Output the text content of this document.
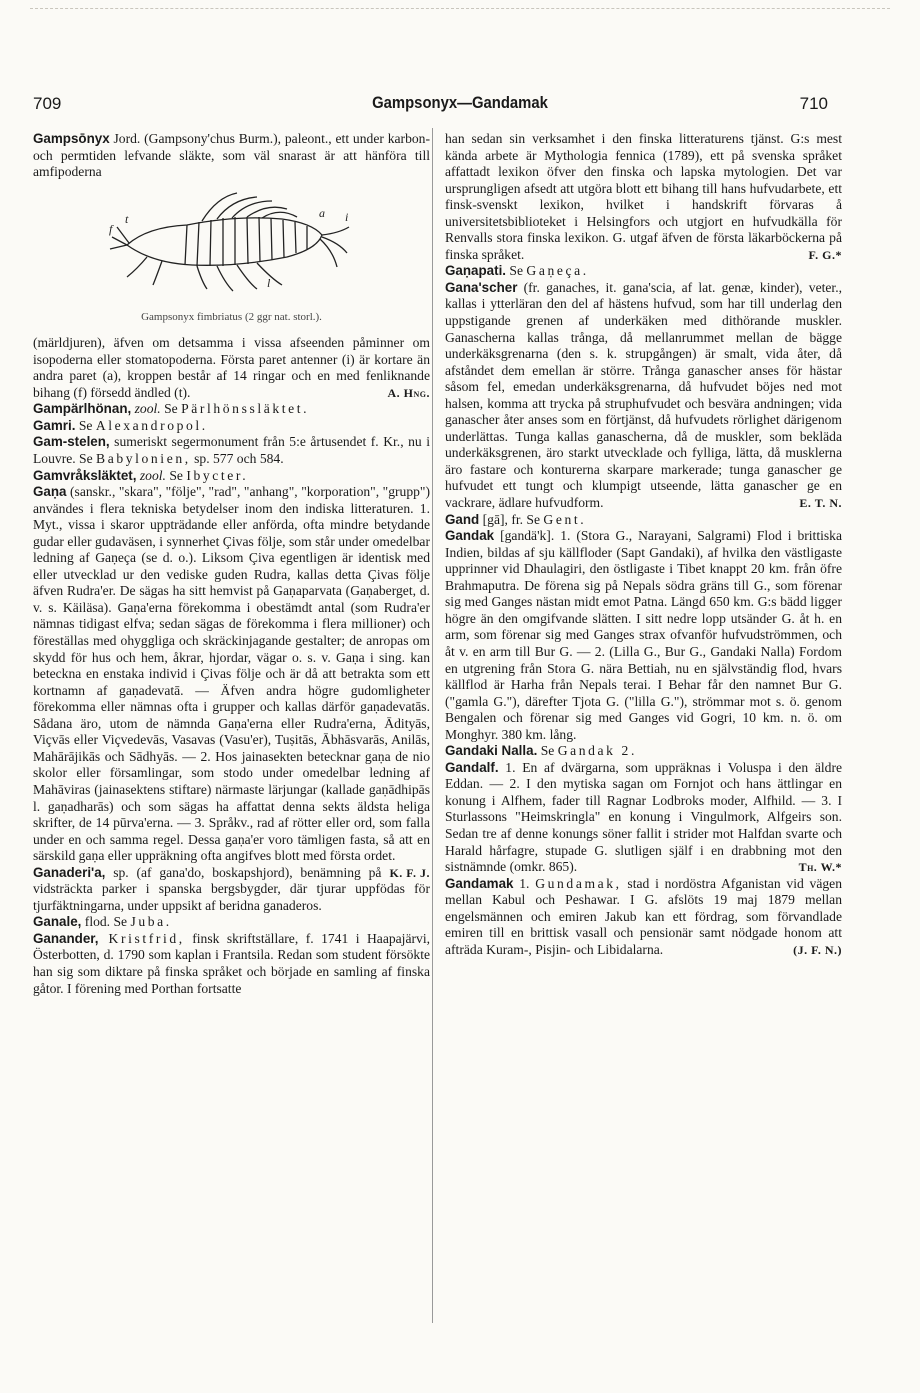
709	Gampsonyx—Gandamak	710

Gampsōnyx Jord. (Gampsony'chus Burm.), paleont., ett under karbon- och permtiden lefvande släkte, som väl snarast är att hänföra till amfipoderna

f
t	a i
l

Gampsonyx fimbriatus (2 ggr nat. storl.).

(märldjuren), äfven om detsamma i vissa afseenden påminner om isopoderna eller stomatopoderna. Första paret antenner (i) är kortare än andra paret (a), kroppen består af 14 ringar och en med fenliknande bihang (f) försedd ändled (t).	A. Hng.

Gampärlhönan, zool. Se Pärlhönssläktet.

Gamri. Se Alexandropol.

Gam-stelen, sumeriskt segermonument från 5:e årtusendet f. Kr., nu i Louvre. Se Babylonien, sp. 577 och 584.

Gamvråksläktet, zool. Se Ibycter.

Gaṇa (sanskr., "skara", "följe", "rad", "anhang", "korporation", "grupp") användes i flera tekniska betydelser inom den indiska litteraturen. 1. Myt., vissa i skaror uppträdande eller anförda, ofta mindre betydande gudar eller gudaväsen, i synnerhet Çivas följe, som står under omedelbar ledning af Gaṇeça (se d. o.). Liksom Çiva egentligen är identisk med eller utvecklad ur den vediske guden Rudra, kallas detta Çivas följe äfven Rudra'er. De sägas ha sitt hemvist på Gaṇaparvata (Gaṇaberget, d. v. s. Käiläsa). Gaṇa'erna förekomma i obestämdt antal (som Rudra'er nämnas tidigast elfva; sedan sägas de förekomma i flera millioner) och föreställas med ohyggliga och skräckinjagande gestalter; de anropas om skydd för hus och hem, åkrar, hjordar, vägar o. s. v. Gaṇa i sing. kan beteckna en enstaka individ i Çivas följe och är då att betrakta som ett kortnamn af gaṇadevatā. — Äfven andra högre gudomligheter förekomma eller nämnas ofta i grupper och kallas därför gaṇadevatās. Sådana äro, utom de nämnda Gaṇa'erna eller Rudra'erna, Ādityās, Viçvās eller Viçvedevās, Vasavas (Vasu'er), Tuṣitās, Ābhāsvarās, Anilās, Mahārājikās och Sādhyās. — 2. Hos jainasekten betecknar gaṇa de nio skolor eller församlingar, som stodo under omedelbar ledning af Mahāviras (jainasektens stiftare) närmaste lärjungar (kallade gaṇādhipās l. gaṇadharās) och som sägas ha affattat denna sekts äldsta heliga skrifter, de 14 pūrva'erna. — 3. Språkv., rad af rötter eller ord, som falla under en och samma regel. Dessa gaṇa'er voro tämligen fasta, så att en särskild gaṇa eller uppräkning ofta angifves blott med första ordet.
K. F. J.

Ganaderi'a, sp. (af gana'do, boskapshjord), benämning på vidsträckta parker i spanska bergsbygder, där tjurar uppfödas för tjurfäktningarna, under uppsikt af beridna ganaderos.

Ganale, flod. Se Juba.

Ganander, Kristfrid, finsk skriftställare, f. 1741 i Haapajärvi, Österbotten, d. 1790 som kaplan i Frantsila. Redan som student försökte han sig som diktare på finska språket och började en samling af finska gåtor. I förening med Porthan fortsatte

han sedan sin verksamhet i den finska litteraturens tjänst. G:s mest kända arbete är Mythologia fennica (1789), ett på svenska språket affattadt lexikon öfver den finska och lapska mytologien. Det var ursprungligen afsedt att utgöra blott ett bihang till hans hufvudarbete, ett finsk-svenskt lexikon, hvilket i handskrift förvaras å universitetsbiblioteket i Helsingfors och utgjort en hufvudkälla för Renvalls stora finska lexikon. G. utgaf äfven de första läkarböckerna på finska språket.	F. G.*

Gaṇapati. Se Gaṇeça.

Gana'scher (fr. ganaches, it. gana'scia, af lat. genæ, kinder), veter., kallas i ytterläran den del af hästens hufvud, som har till underlag den uppstigande grenen af underkäken med dithörande muskler. Ganascherna kallas trånga, då mellanrummet mellan de bägge underkäksgrenarna (den s. k. strupgången) är smalt, vida åter, då afståndet dem emellan är större. Trånga ganascher anses för hästar såsom fel, emedan underkäksgrenarna, då hufvudet böjes ned mot halsen, komma att trycka på struphufvudet och besvära andningen; vida ganascher åter anses som en förtjänst, då hufvudets rörlighet därigenom underlättas. Tunga kallas ganascherna, då de muskler, som beklädа underkäksgrenen, äro starkt utvecklade och fylliga, lätta, då musklerna äro fastare och konturerna skarpare markerade; tunga ganascher ge hufvudet ett tungt och klumpigt utseende, lätta ganascher ge en vackrare, ädlare hufvudform.	E. T. N.

Gand [gā], fr. Se Gent.

Gandak [gandä'k]. 1. (Stora G., Narayani, Salgrami) Flod i brittiska Indien, bildas af sju källfloder (Sapt Gandaki), af hvilka den västligaste upprinner vid Dhaulagiri, den östligaste i Tibet knappt 20 km. från öfre Brahmaputra. De förena sig på Nepals södra gräns till G., som förenar sig med Ganges nästan midt emot Patna. Längd 650 km. G:s bädd ligger högre än den omgifvande slätten. I sitt nedre lopp utsänder G. åt h. en arm, som förenar sig med Ganges strax ofvanför hufvudströmmen, och åt v. en arm till Bur G. — 2. (Lilla G., Bur G., Gandaki Nalla) Fordom en utgrening från Stora G. nära Bettiah, nu en självständig flod, hvars källflod är Harha från Nepals terai. I Behar får den namnet Bur G. ("gamla G."), därefter Tjota G. ("lilla G."), strömmar mot s. ö. genom Bengalen och förenar sig med Ganges vid Gogri, 10 km. n. ö. om Monghyr. 380 km. lång.

Gandaki Nalla. Se Gandak 2.

Gandalf. 1. En af dvärgarna, som uppräknas i Voluspa i den äldre Eddan. — 2. I den mytiska sagan om Fornjot och hans ättlingar en konung i Alfhem, fader till Ragnar Lodbroks moder, Alfhild. — 3. I Sturlassons "Heimskringla" en konung i Vingulmork, Alfgeirs son. Sedan tre af denne konungs söner fallit i strider mot Halfdan svarte och Harald hårfagre, stupade G. slutligen själf i en drabbning mot den sistnämnde (omkr. 865).	Th. W.*

Gandamak 1. Gundamak, stad i nordöstra Afganistan vid vägen mellan Kabul och Peshawar. I G. afslöts 19 maj 1879 mellan engelsmännen och emiren Jakub kan ett fördrag, som förvandlade emiren till en brittisk vasall och pensionär samt nödgade honom att afträda Kuram-, Pisjin- och Libidalarna.	(J. F. N.)
